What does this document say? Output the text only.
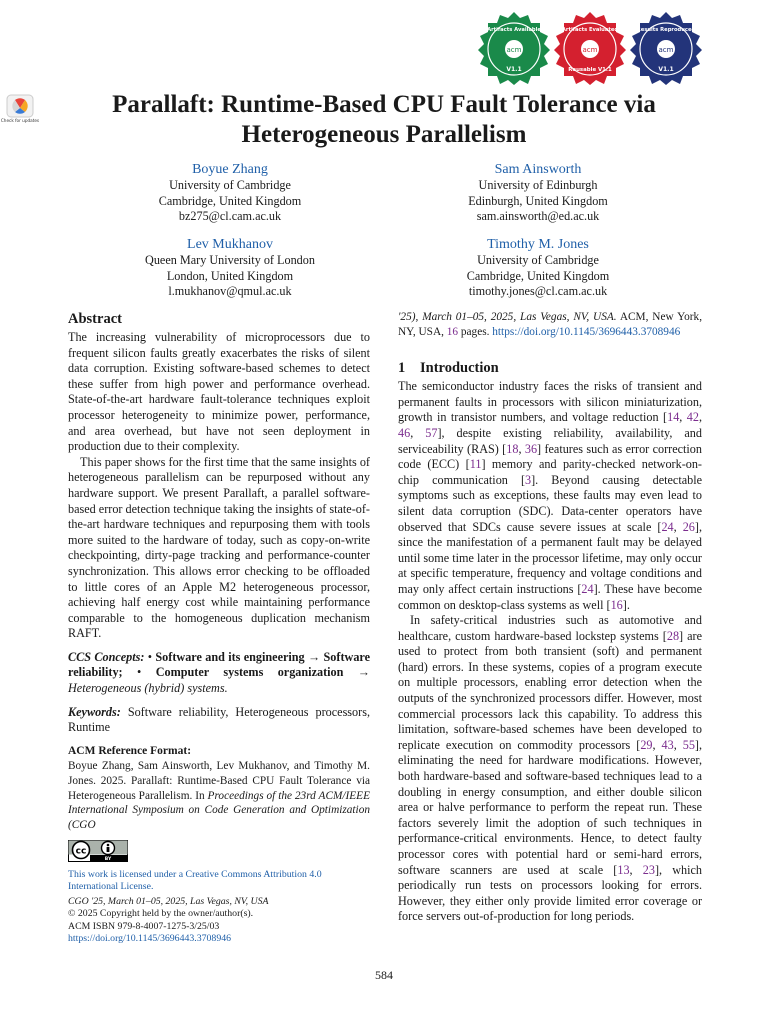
acm
Artifacts Available
V1.1
acm
Artifacts Evaluated
Reusable V1.1
acm
Results Reproduced
V1.1
Check for updates
Parallaft: Runtime-Based CPU Fault Tolerance via
Heterogeneous Parallelism
Boyue Zhang
University of Cambridge
Cambridge, United Kingdom
bz275@cl.cam.ac.uk
Sam Ainsworth
University of Edinburgh
Edinburgh, United Kingdom
sam.ainsworth@ed.ac.uk
Lev Mukhanov
Queen Mary University of London
London, United Kingdom
l.mukhanov@qmul.ac.uk
Timothy M. Jones
University of Cambridge
Cambridge, United Kingdom
timothy.jones@cl.cam.ac.uk
Abstract

The increasing vulnerability of microprocessors due to frequent silicon faults greatly exacerbates the risks of silent data corruption. Existing software-based schemes to detect these suffer from high power and performance overhead. State-of-the-art hardware fault-tolerance techniques exploit processor heterogeneity to minimize power, performance, and area overhead, but have not seen deployment in production due to their complexity.

This paper shows for the first time that the same insights of heterogeneous parallelism can be repurposed without any hardware support. We present Parallaft, a parallel software-based error detection technique taking the insights of state-of-the-art hardware techniques and repurposing them with tools more suited to the hardware of today, such as copy-on-write checkpointing, dirty-page tracking and performance-counter synchronization. This allows error checking to be offloaded to little cores of an Apple M2 heterogeneous processor, achieving half energy cost while maintaining performance comparable to the homogeneous duplication mechanism RAFT.

CCS Concepts: • Software and its engineering → Software reliability; • Computer systems organization → Heterogeneous (hybrid) systems.

Keywords: Software reliability, Heterogeneous processors, Runtime

ACM Reference Format:

Boyue Zhang, Sam Ainsworth, Lev Mukhanov, and Timothy M. Jones. 2025. Parallaft: Runtime-Based CPU Fault Tolerance via Heterogeneous Parallelism. In Proceedings of the 23rd ACM/IEEE International Symposium on Code Generation and Optimization (CGO

cc
BY
This work is licensed under a Creative Commons Attribution 4.0 International License.
CGO '25, March 01–05, 2025, Las Vegas, NV, USA
© 2025 Copyright held by the owner/author(s).
ACM ISBN 979-8-4007-1275-3/25/03
https://doi.org/10.1145/3696443.3708946

'25), March 01–05, 2025, Las Vegas, NV, USA. ACM, New York, NY, USA, 16 pages. https://doi.org/10.1145/3696443.3708946

1 Introduction

The semiconductor industry faces the risks of transient and permanent faults in processors with silicon miniaturization, growth in transistor numbers, and voltage reduction [14, 42, 46, 57], despite existing reliability, availability, and serviceability (RAS) [18, 36] features such as error correction code (ECC) [11] memory and parity-checked network-on-chip communication [3]. Beyond causing detectable symptoms such as exceptions, these faults may even lead to silent data corruption (SDC). Data-center operators have observed that SDCs cause severe issues at scale [24, 26], since the manifestation of a permanent fault may be delayed until some time later in the processor lifetime, may only occur at specific temperature, frequency and voltage conditions and may only affect certain instructions [24]. These have become common on desktop-class systems as well [16].

In safety-critical industries such as automotive and healthcare, custom hardware-based lockstep systems [28] are used to protect from both transient (soft) and permanent (hard) errors. In these systems, copies of a program execute on multiple processors, enabling error detection when the outputs of the synchronized processors differ. However, most commercial processors lack this capability. To address this limitation, software-based schemes have been developed to replicate execution on commodity processors [29, 43, 55], eliminating the need for hardware modifications. However, both hardware-based and software-based techniques lead to a doubling in energy consumption, and either double silicon area or halve performance to perform the repeat run. These factors severely limit the adoption of such techniques in performance-critical environments. Hence, to detect faulty processor cores with potential hard or semi-hard errors, software scanners are used at scale [13, 23], which periodically run tests on processors looking for errors. However, they either only provide limited error coverage or force servers out-of-production for long periods.

584
